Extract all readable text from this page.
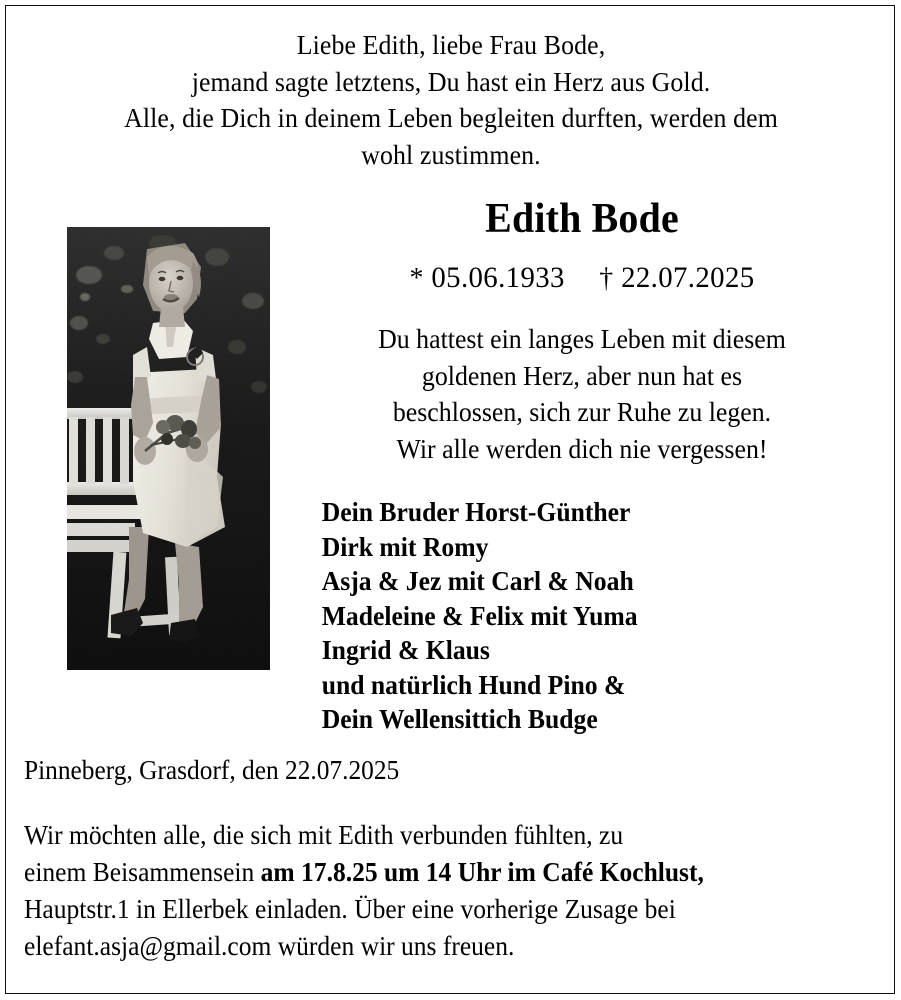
Liebe Edith, liebe Frau Bode,
jemand sagte letztens, Du hast ein Herz aus Gold.
Alle, die Dich in deinem Leben begleiten durften, werden dem
wohl zustimmen.
Edith Bode
* 05.06.1933 † 22.07.2025
Du hattest ein langes Leben mit diesem
goldenen Herz, aber nun hat es
beschlossen, sich zur Ruhe zu legen.
Wir alle werden dich nie vergessen!
Dein Bruder Horst-Günther
Dirk mit Romy
Asja & Jez mit Carl & Noah
Madeleine & Felix mit Yuma
Ingrid & Klaus
und natürlich Hund Pino &
Dein Wellensittich Budge
Pinneberg, Grasdorf, den 22.07.2025
Wir möchten alle, die sich mit Edith verbunden fühlten, zu
einem Beisammensein am 17.8.25 um 14 Uhr im Café Kochlust,
Hauptstr.1 in Ellerbek einladen. Über eine vorherige Zusage bei
elefant.asja@gmail.com würden wir uns freuen.
